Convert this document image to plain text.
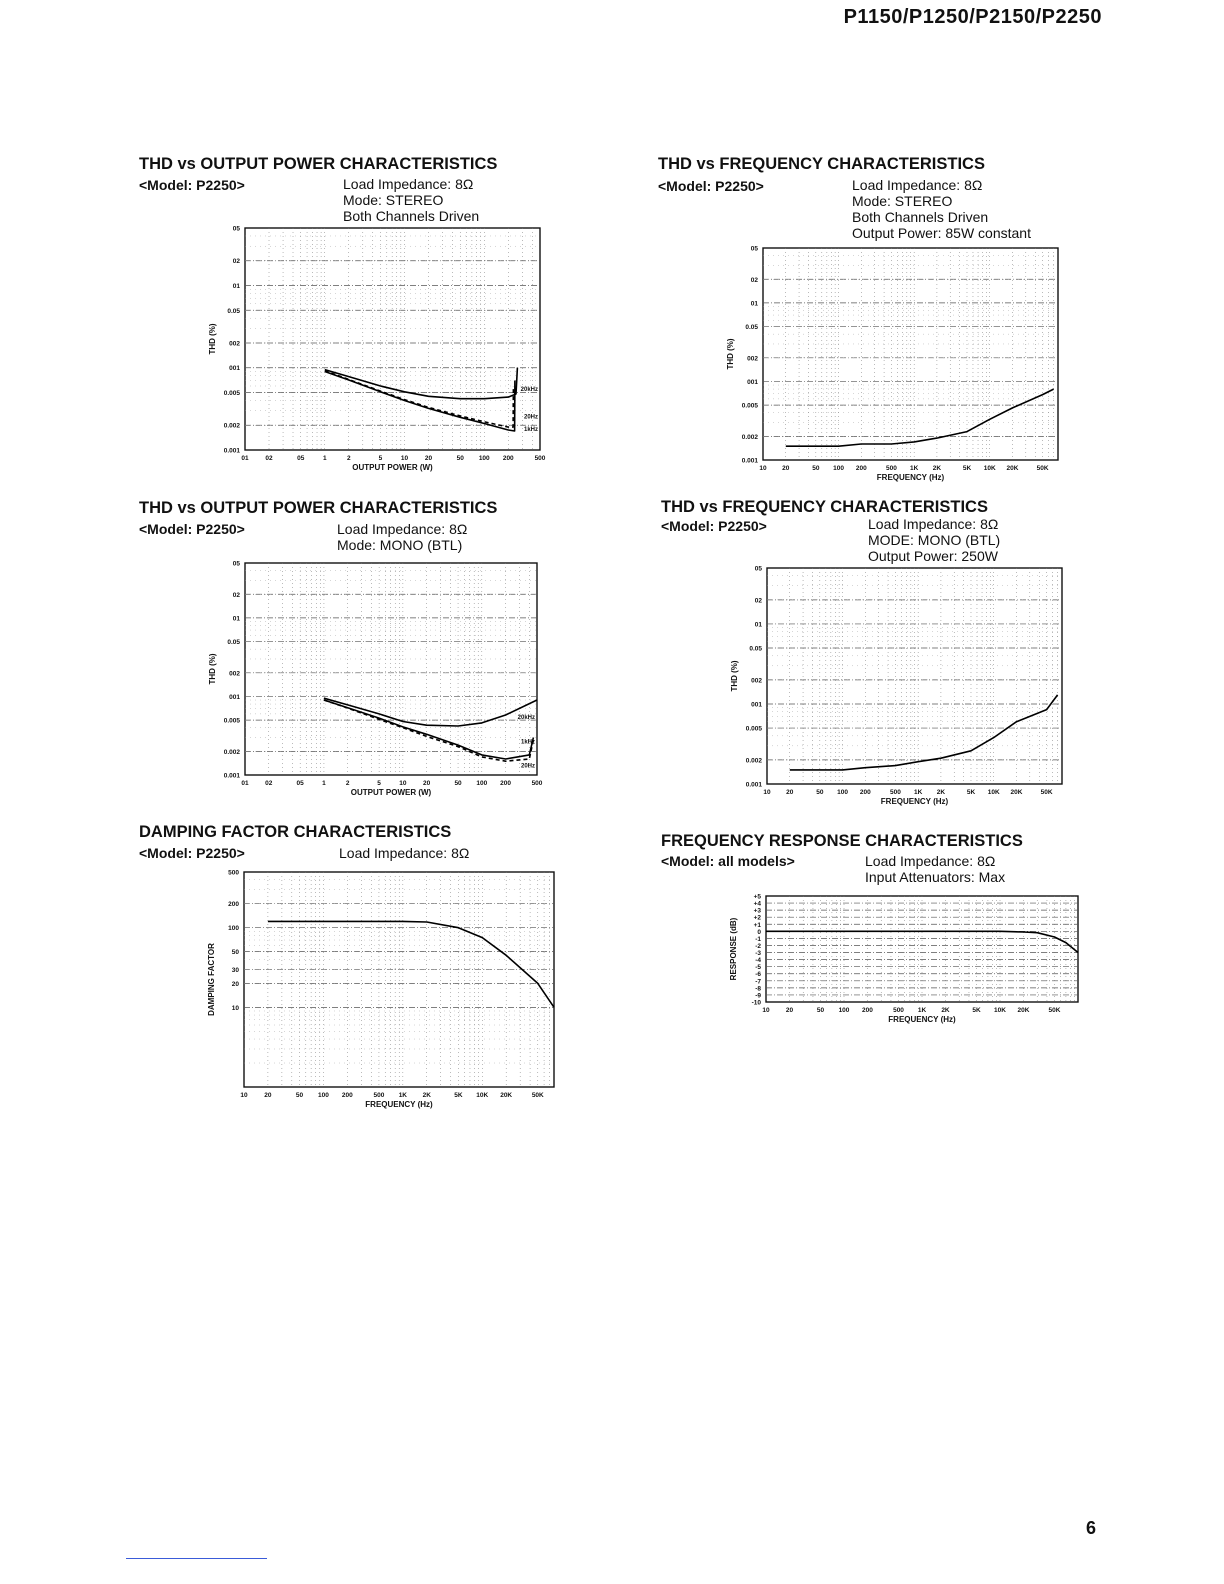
P1150/P1250/P2150/P2250
THD vs OUTPUT POWER CHARACTERISTICS
<Model: P2250>	Load Impedance: 8Ω
Mode: STEREO
Both Channels Driven
05
02
01
0.05
002
001
0.005
0.002
0.001
01	02	05	1	2	5	10	20	50 100 200	500
OUTPUT POWER (W)
THD (%)
20kHz
20Hz
1kHz
THD vs FREQUENCY CHARACTERISTICS
<Model: P2250>	Load Impedance: 8Ω
Mode: STEREO
Both Channels Driven
Output Power: 85W constant
05
02
01
0.05
002
001
0.005
0.002
0.001
10 20	50 100 200	500 1K 2K	5K 10K 20K	50K
FREQUENCY (Hz)
THD (%)
THD vs OUTPUT POWER CHARACTERISTICS
<Model: P2250>	Load Impedance: 8Ω
Mode: MONO (BTL)
05
02
01
0.05
002
001
0.005
0.002
0.001
01	02	05	1	2	5	10	20	50 100 200	500
OUTPUT POWER (W)
THD (%)
20kHz
1kHz
20Hz
THD vs FREQUENCY CHARACTERISTICS
<Model: P2250>	Load Impedance: 8Ω
MODE: MONO (BTL)
Output Power: 250W
05
02
01
0.05
002
001
0.005
0.002
0.001
10 20	50 100 200	500 1K 2K	5K 10K 20K	50K
FREQUENCY (Hz)
THD (%)
DAMPING FACTOR CHARACTERISTICS
<Model: P2250>	Load Impedance: 8Ω
500
200
100
50
30
20
10
10	20	50 100 200	500 1K 2K	5K 10K 20K	50K
FREQUENCY (Hz)
DAMPING FACTOR
FREQUENCY RESPONSE CHARACTERISTICS
<Model: all models>	Load Impedance: 8Ω
Input Attenuators: Max
+5
+4
+3
+2
+1
0
-1
-2
-3
-4
-5
-6
-7
-8
-9
-10
10 20	50 100 200	500 1K 2K	5K 10K 20K	50K
FREQUENCY (Hz)
RESPONSE (dB)
6
